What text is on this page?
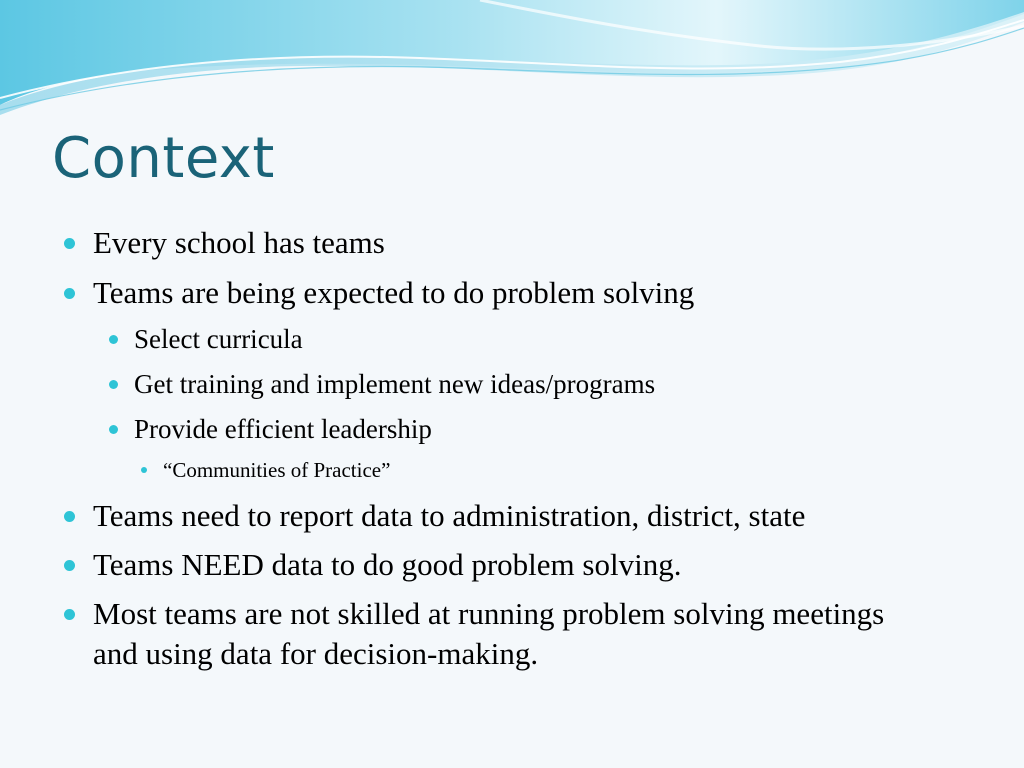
Context
Every school has teams
Teams are being expected to do problem solving
Select curricula
Get training and implement new ideas/programs
Provide efficient leadership
“Communities of Practice”
Teams need to report data to administration, district, state
Teams NEED data to do good problem solving.
Most teams are not skilled at running problem solving meetings and using data for decision-making.
